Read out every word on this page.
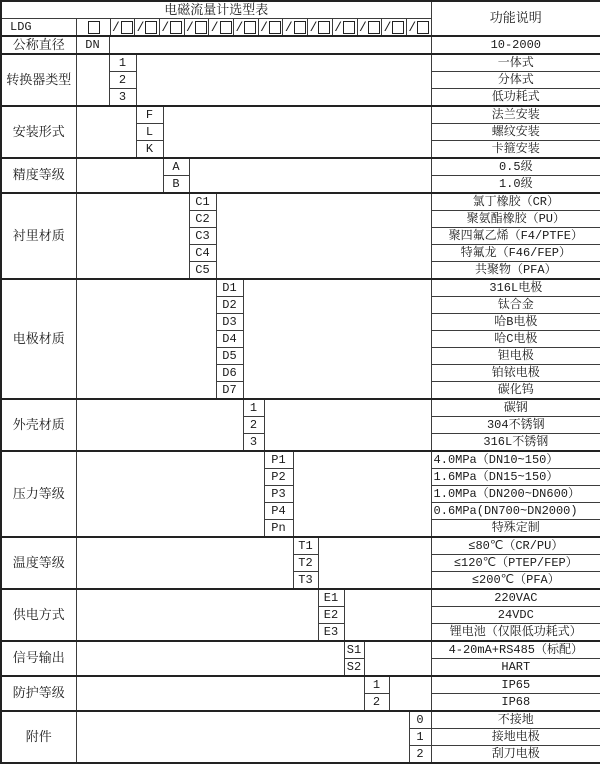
电磁流量计选型表															功能说明
LDG	/ / / / / / / / / / / / /

公称直径	DN														10-2000
转换器类型		1													一体式
		2													分体式
		3													低功耗式
安装形式			F												法兰安装
			L												螺纹安装
			K												卡箍安装
精度等级				A											0.5级
				B											1.0级
衬里材质					C1										氯丁橡胶（CR）
					C2										聚氨酯橡胶（PU）
					C3										聚四氟乙烯（F4/PTFE）
					C4										特氟龙（F46/FEP）
					C5										共聚物（PFA）
电极材质						D1									316L电极
						D2									钛合金
						D3									哈B电极
						D4									哈C电极
						D5									钽电极
						D6									铂铱电极
						D7									碳化钨
外壳材质							1								碳钢
							2								304不锈钢
							3								316L不锈钢
压力等级								P1							4.0MPa（DN10~150）
								P2							1.6MPa（DN15~150）
								P3							1.0MPa（DN200~DN600）
								P4							0.6MPa(DN700~DN2000)
								Pn							特殊定制
温度等级									T1						≤80℃（CR/PU）
									T2						≤120℃（PTEP/FEP）
									T3						≤200℃（PFA）
供电方式										E1					220VAC
										E2					24VDC
										E3					锂电池（仅限低功耗式）
信号输出											S1				4-20mA+RS485（标配）
											S2				HART
防护等级												1			IP65
												2			IP68
附件														0	不接地
														1	接地电极
														2	刮刀电极
